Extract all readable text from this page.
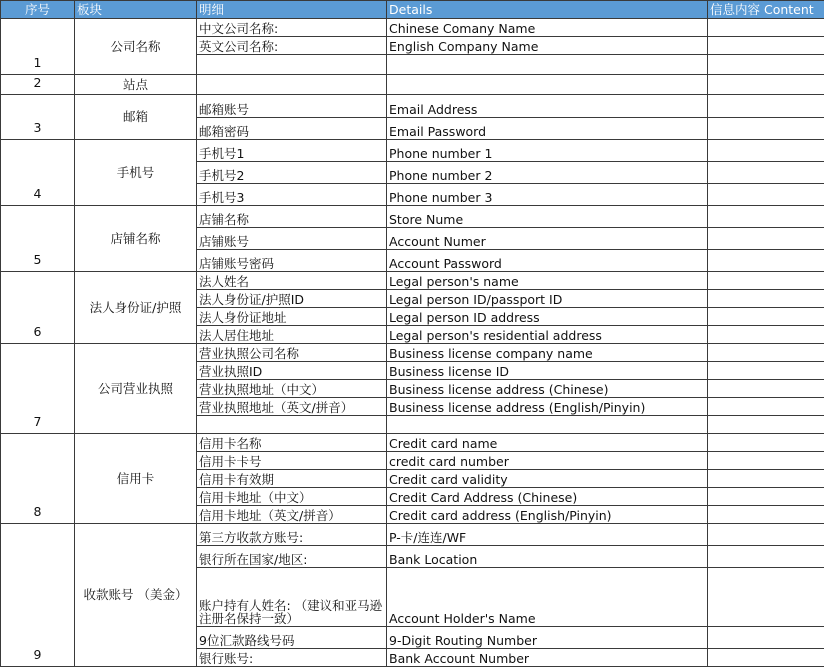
序号	板块	明细	Details	信息内容 Content
1	公司名称	中文公司名称:	Chinese Comany Name	
		英文公司名称:	English Company Name	

2	站点			
3	邮箱	邮箱账号	Email Address	
		邮箱密码	Email Password	
4	手机号	手机号1	Phone number 1	
		手机号2	Phone number 2	
		手机号3	Phone number 3	
5	店铺名称	店铺名称	Store Nume	
		店铺账号	Account Numer	
		店铺账号密码	Account Password	
6	法人身份证/护照	法人姓名	Legal person's name	
		法人身份证/护照ID	Legal person ID/passport ID	
		法人身份证地址	Legal person ID address	
		法人居住地址	Legal person's residential address	
7	公司营业执照	营业执照公司名称	Business license company name	
		营业执照ID	Business license ID	
		营业执照地址（中文）	Business license address (Chinese)	
		营业执照地址（英文/拼音）	Business license address (English/Pinyin)	

8	信用卡	信用卡名称	Credit card name	
		信用卡卡号	credit card number	
		信用卡有效期	Credit card validity	
		信用卡地址（中文）	Credit Card Address (Chinese)	
		信用卡地址（英文/拼音）	Credit card address (English/Pinyin)	
9	收款账号 （美金）	第三方收款方账号:	P-卡/连连/WF	
		银行所在国家/地区:	Bank Location	
		账户持有人姓名: （建议和亚马逊注册名保持一致）	Account Holder's Name	
		9位汇款路线号码	9-Digit Routing Number	
		银行账号:	Bank Account Number	
